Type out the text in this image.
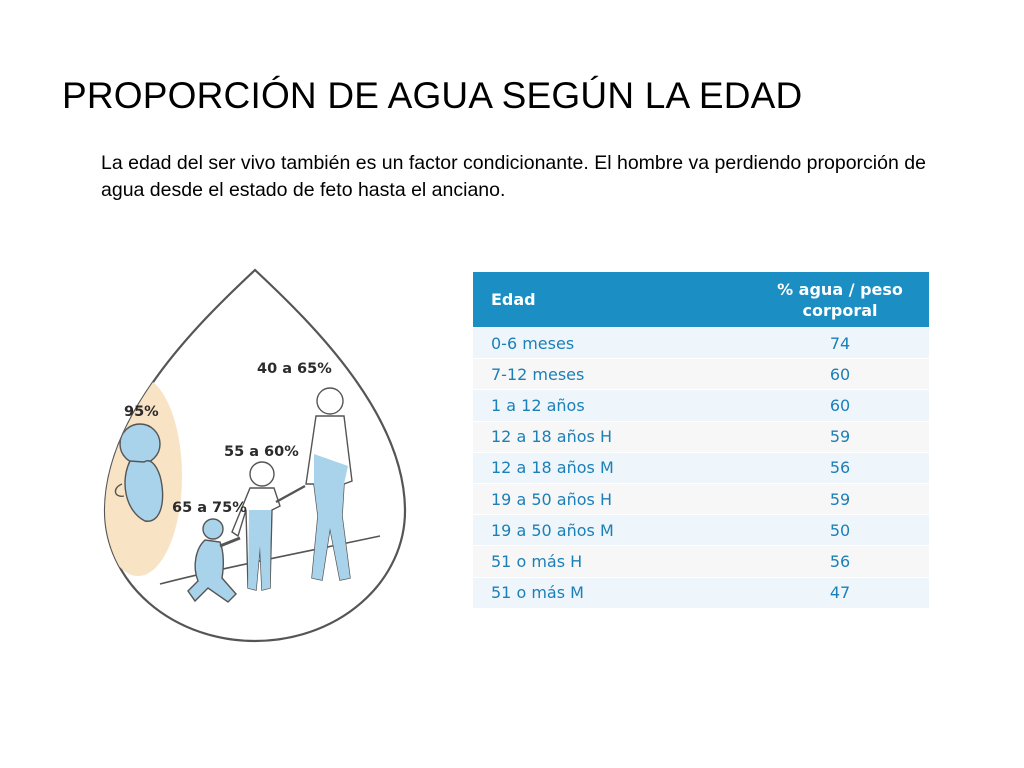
PROPORCIÓN DE AGUA SEGÚN LA EDAD

La edad del ser vivo también es un factor condicionante. El hombre va perdiendo proporción de agua desde el estado de feto hasta el anciano.

95%
65 a 75%
55 a 60%
40 a 65%
Edad	% agua / peso
corporal
0-6 meses	74
7-12 meses	60
1 a 12 años	60
12 a 18 años H	59
12 a 18 años M	56
19 a 50 años H	59
19 a 50 años M	50
51 o más H	56
51 o más M	47
